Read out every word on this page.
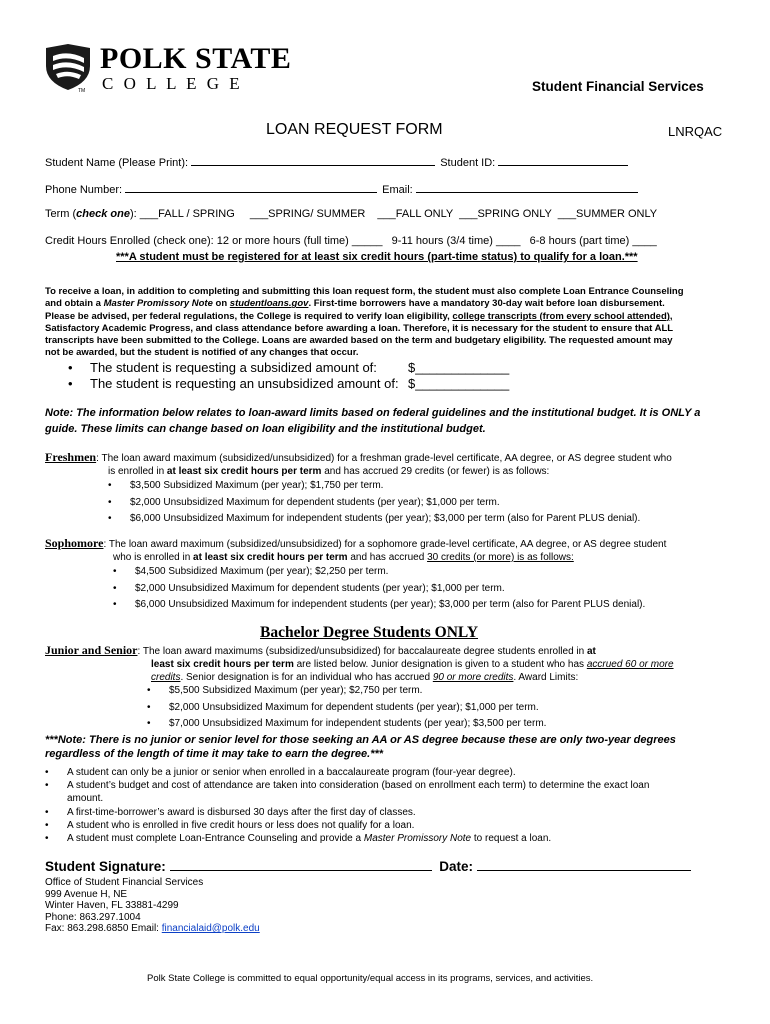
POLK STATE
C O L L E G E
TM	Student Financial Services
LOAN REQUEST FORM	LNRQAC
Student Name (Please Print):	Student ID:
Phone Number:	Email:
Term (check one): ___FALL / SPRING ___SPRING/ SUMMER ___FALL ONLY ___SPRING ONLY ___SUMMER ONLY
Credit Hours Enrolled (check one): 12 or more hours (full time) _____   9-11 hours (3/4 time) ____   6-8 hours (part time) ____
***A student must be registered for at least six credit hours (part-time status) to qualify for a loan.***
To receive a loan, in addition to completing and submitting this loan request form, the student must also complete Loan Entrance Counseling
and obtain a Master Promissory Note on studentloans.gov. First-time borrowers have a mandatory 30-day wait before loan disbursement.
Please be advised, per federal regulations, the College is required to verify loan eligibility, college transcripts (from every school attended),
Satisfactory Academic Progress, and class attendance before awarding a loan. Therefore, it is necessary for the student to ensure that ALL
transcripts have been submitted to the College. Loans are awarded based on the term and budgetary eligibility. The requested amount may
not be awarded, but the student is notified of any changes that occur.
• The student is requesting a subsidized amount of: $_____________
• The student is requesting an unsubsidized amount of: $_____________
Note: The information below relates to loan-award limits based on federal guidelines and the institutional budget. It is ONLY a
guide. These limits can change based on loan eligibility and the institutional budget.
Freshmen: The loan award maximum (subsidized/unsubsidized) for a freshman grade-level certificate, AA degree, or AS degree student who
is enrolled in at least six credit hours per term and has accrued 29 credits (or fewer) is as follows:
• $3,500 Subsidized Maximum (per year); $1,750 per term.
• $2,000 Unsubsidized Maximum for dependent students (per year); $1,000 per term.
• $6,000 Unsubsidized Maximum for independent students (per year); $3,000 per term (also for Parent PLUS denial).
Sophomore: The loan award maximum (subsidized/unsubsidized) for a sophomore grade-level certificate, AA degree, or AS degree student
who is enrolled in at least six credit hours per term and has accrued 30 credits (or more) is as follows:
• $4,500 Subsidized Maximum (per year); $2,250 per term.
• $2,000 Unsubsidized Maximum for dependent students (per year); $1,000 per term.
• $6,000 Unsubsidized Maximum for independent students (per year); $3,000 per term (also for Parent PLUS denial).
Bachelor Degree Students ONLY
Junior and Senior: The loan award maximums (subsidized/unsubsidized) for baccalaureate degree students enrolled in at
least six credit hours per term are listed below. Junior designation is given to a student who has accrued 60 or more
credits. Senior designation is for an individual who has accrued 90 or more credits. Award Limits:
• $5,500 Subsidized Maximum (per year); $2,750 per term.
• $2,000 Unsubsidized Maximum for dependent students (per year); $1,000 per term.
• $7,000 Unsubsidized Maximum for independent students (per year); $3,500 per term.
***Note: There is no junior or senior level for those seeking an AA or AS degree because these are only two-year degrees
regardless of the length of time it may take to earn the degree.***
• A student can only be a junior or senior when enrolled in a baccalaureate program (four-year degree).
• A student’s budget and cost of attendance are taken into consideration (based on enrollment each term) to determine the exact loan
amount.
• A first-time-borrower’s award is disbursed 30 days after the first day of classes.
• A student who is enrolled in five credit hours or less does not qualify for a loan.
• A student must complete Loan-Entrance Counseling and provide a Master Promissory Note to request a loan.
Student Signature:	Date:
Office of Student Financial Services
999 Avenue H, NE
Winter Haven, FL 33881-4299
Phone: 863.297.1004
Fax: 863.298.6850 Email: financialaid@polk.edu
Polk State College is committed to equal opportunity/equal access in its programs, services, and activities.
